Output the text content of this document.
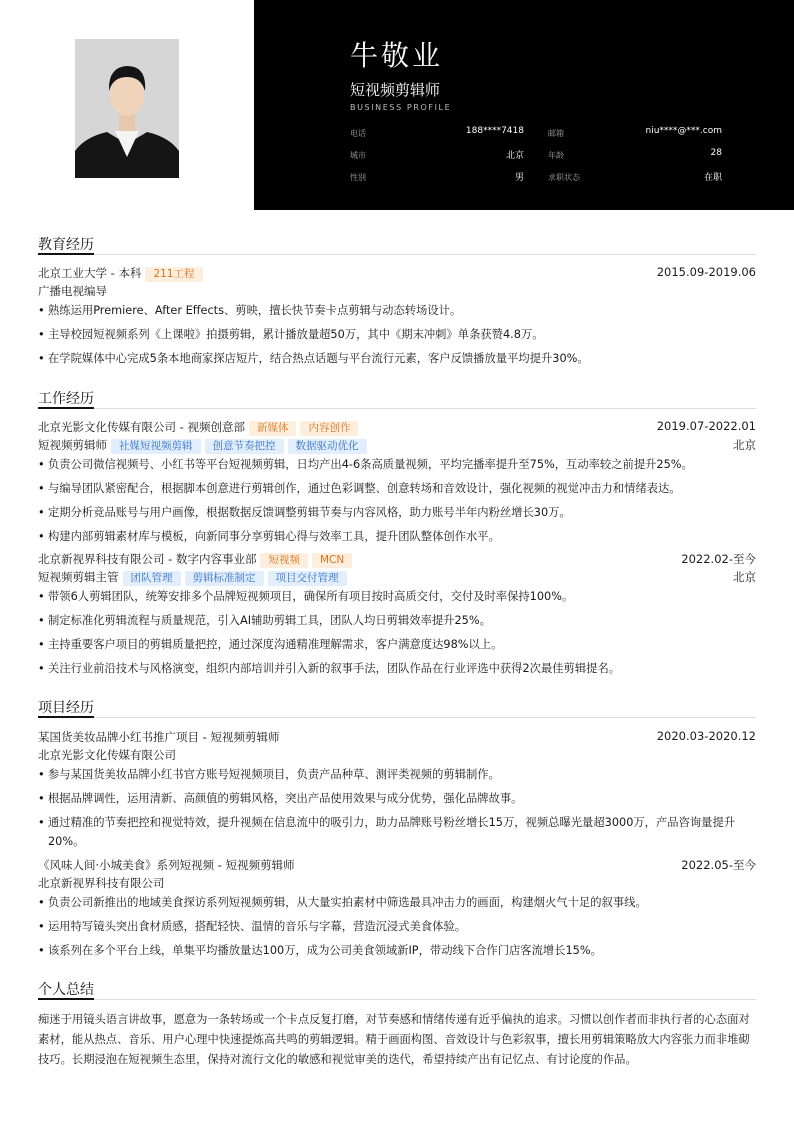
牛敬业
短视频剪辑师
BUSINESS PROFILE
电话	188****7418	邮箱	niu****@***.com
城市	北京	年龄	28
性别	男	求职状态	在职
教育经历
北京工业大学 - 本科 211工程	2015.09-2019.06
广播电视编导
• 熟练运用Premiere、After Effects、剪映，擅长快节奏卡点剪辑与动态转场设计。
• 主导校园短视频系列《上课啦》拍摄剪辑，累计播放量超50万，其中《期末冲刺》单条获赞4.8万。
• 在学院媒体中心完成5条本地商家探店短片，结合热点话题与平台流行元素，客户反馈播放量平均提升30%。
工作经历
北京光影文化传媒有限公司 - 视频创意部 新媒体 内容创作	2019.07-2022.01
短视频剪辑师 社媒短视频剪辑 创意节奏把控 数据驱动优化	北京
• 负责公司微信视频号、小红书等平台短视频剪辑，日均产出4-6条高质量视频，平均完播率提升至75%，互动率较之前提升25%。
• 与编导团队紧密配合，根据脚本创意进行剪辑创作，通过色彩调整、创意转场和音效设计，强化视频的视觉冲击力和情绪表达。
• 定期分析竞品账号与用户画像，根据数据反馈调整剪辑节奏与内容风格，助力账号半年内粉丝增长30万。
• 构建内部剪辑素材库与模板，向新同事分享剪辑心得与效率工具，提升团队整体创作水平。
北京新视界科技有限公司 - 数字内容事业部 短视频 MCN	2022.02-至今
短视频剪辑主管 团队管理 剪辑标准制定 项目交付管理	北京
• 带领6人剪辑团队，统筹安排多个品牌短视频项目，确保所有项目按时高质交付，交付及时率保持100%。
• 制定标准化剪辑流程与质量规范，引入AI辅助剪辑工具，团队人均日剪辑效率提升25%。
• 主持重要客户项目的剪辑质量把控，通过深度沟通精准理解需求，客户满意度达98%以上。
• 关注行业前沿技术与风格演变，组织内部培训并引入新的叙事手法，团队作品在行业评选中获得2次最佳剪辑提名。
项目经历
某国货美妆品牌小红书推广项目 - 短视频剪辑师	2020.03-2020.12
北京光影文化传媒有限公司
• 参与某国货美妆品牌小红书官方账号短视频项目，负责产品种草、测评类视频的剪辑制作。
• 根据品牌调性，运用清新、高颜值的剪辑风格，突出产品使用效果与成分优势，强化品牌故事。
• 通过精准的节奏把控和视觉特效，提升视频在信息流中的吸引力，助力品牌账号粉丝增长15万，视频总曝光量超3000万，产品咨询量提升20%。
《风味人间·小城美食》系列短视频 - 短视频剪辑师	2022.05-至今
北京新视界科技有限公司
• 负责公司新推出的地域美食探访系列短视频剪辑，从大量实拍素材中筛选最具冲击力的画面，构建烟火气十足的叙事线。
• 运用特写镜头突出食材质感，搭配轻快、温情的音乐与字幕，营造沉浸式美食体验。
• 该系列在多个平台上线，单集平均播放量达100万，成为公司美食领域新IP，带动线下合作门店客流增长15%。
个人总结
痴迷于用镜头语言讲故事，愿意为一条转场或一个卡点反复打磨，对节奏感和情绪传递有近乎偏执的追求。习惯以创作者而非执行者的心态面对素材，能从热点、音乐、用户心理中快速提炼高共鸣的剪辑逻辑。精于画面构图、音效设计与色彩叙事，擅长用剪辑策略放大内容张力而非堆砌技巧。长期浸泡在短视频生态里，保持对流行文化的敏感和视觉审美的迭代，希望持续产出有记忆点、有讨论度的作品。
